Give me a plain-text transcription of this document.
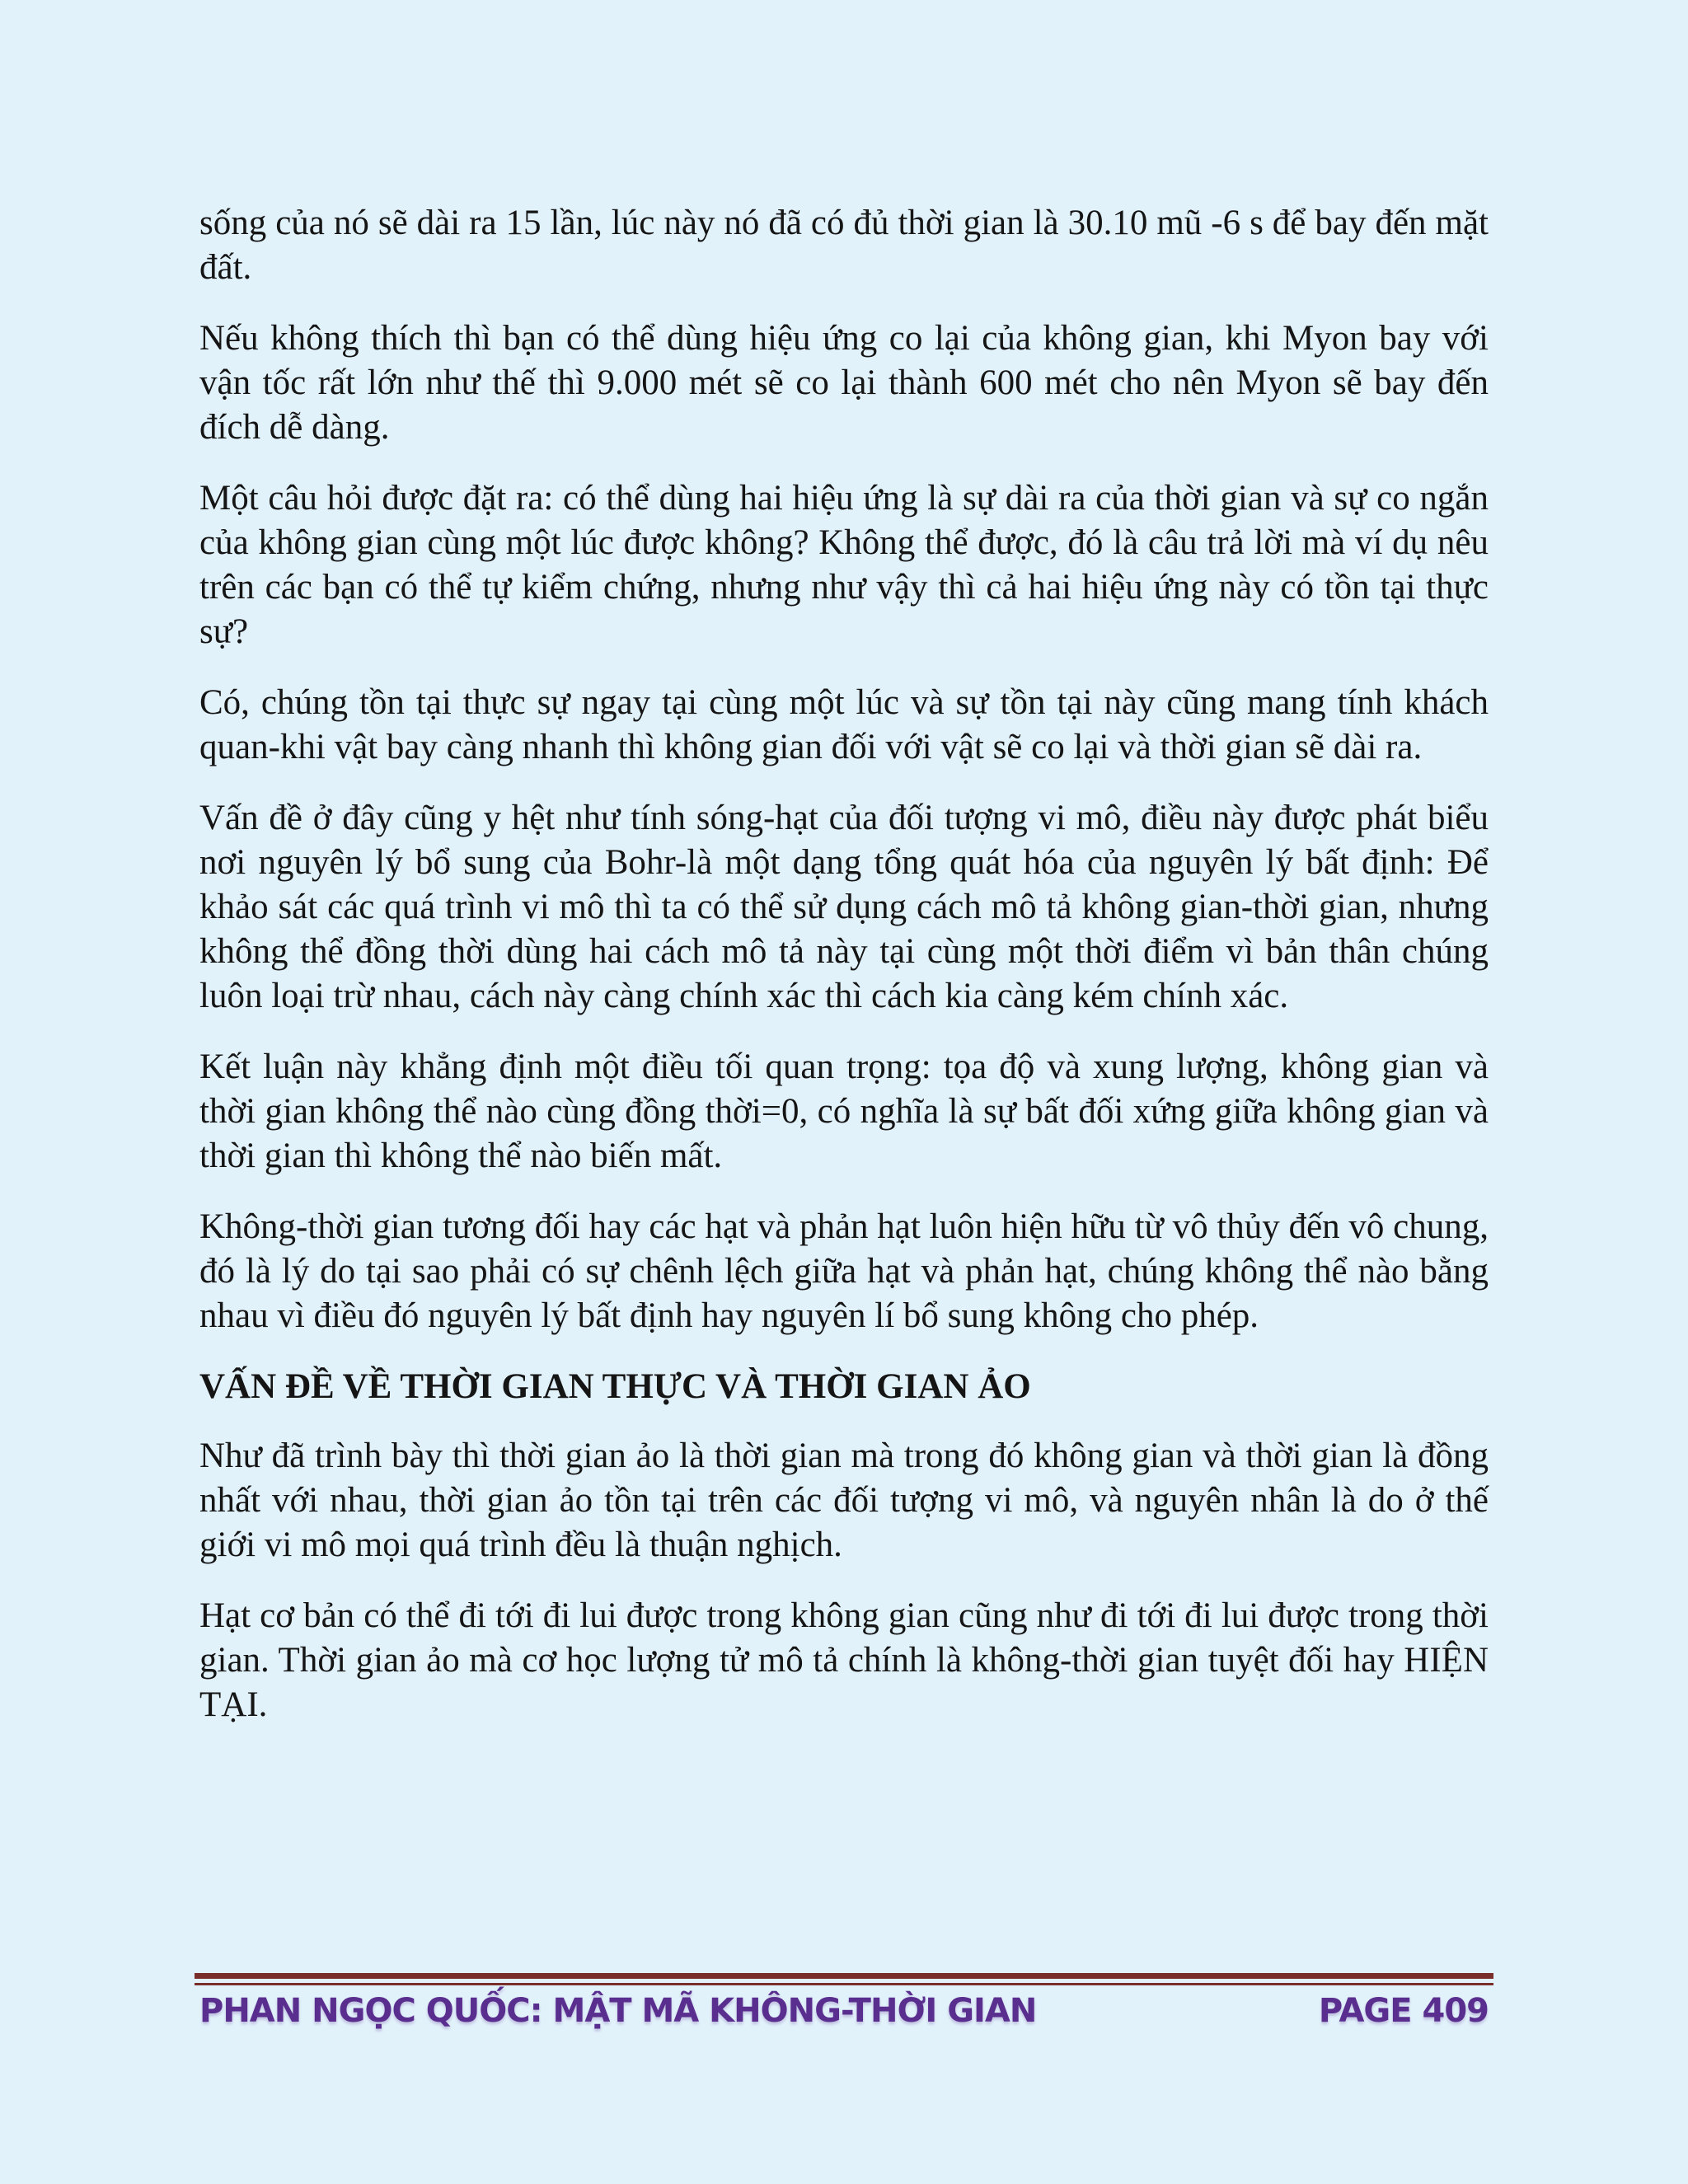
sống của nó sẽ dài ra 15 lần, lúc này nó đã có đủ thời gian là 30.10 mũ -6 s để bay đến mặt đất.

Nếu không thích thì bạn có thể dùng hiệu ứng co lại của không gian, khi Myon bay với vận tốc rất lớn như thế thì 9.000 mét sẽ co lại thành 600 mét cho nên Myon sẽ bay đến đích dễ dàng.

Một câu hỏi được đặt ra: có thể dùng hai hiệu ứng là sự dài ra của thời gian và sự co ngắn của không gian cùng một lúc được không? Không thể được, đó là câu trả lời mà ví dụ nêu trên các bạn có thể tự kiểm chứng, nhưng như vậy thì cả hai hiệu ứng này có tồn tại thực sự?

Có, chúng tồn tại thực sự ngay tại cùng một lúc và sự tồn tại này cũng mang tính khách quan-khi vật bay càng nhanh thì không gian đối với vật sẽ co lại và thời gian sẽ dài ra.

Vấn đề ở đây cũng y hệt như tính sóng-hạt của đối tượng vi mô, điều này được phát biểu nơi nguyên lý bổ sung của Bohr-là một dạng tổng quát hóa của nguyên lý bất định: Để khảo sát các quá trình vi mô thì ta có thể sử dụng cách mô tả không gian-thời gian, nhưng không thể đồng thời dùng hai cách mô tả này tại cùng một thời điểm vì bản thân chúng luôn loại trừ nhau, cách này càng chính xác thì cách kia càng kém chính xác.

Kết luận này khẳng định một điều tối quan trọng: tọa độ và xung lượng, không gian và thời gian không thể nào cùng đồng thời=0, có nghĩa là sự bất đối xứng giữa không gian và thời gian thì không thể nào biến mất.

Không-thời gian tương đối hay các hạt và phản hạt luôn hiện hữu từ vô thủy đến vô chung, đó là lý do tại sao phải có sự chênh lệch giữa hạt và phản hạt, chúng không thể nào bằng nhau vì điều đó nguyên lý bất định hay nguyên lí bổ sung không cho phép.

VẤN ĐỀ VỀ THỜI GIAN THỰC VÀ THỜI GIAN ẢO

Như đã trình bày thì thời gian ảo là thời gian mà trong đó không gian và thời gian là đồng nhất với nhau, thời gian ảo tồn tại trên các đối tượng vi mô, và nguyên nhân là do ở thế giới vi mô mọi quá trình đều là thuận nghịch.

Hạt cơ bản có thể đi tới đi lui được trong không gian cũng như đi tới đi lui được trong thời gian. Thời gian ảo mà cơ học lượng tử mô tả chính là không-thời gian tuyệt đối hay HIỆN TẠI.

PHAN NGỌC QUỐC: MẬT MÃ KHÔNG-THỜI GIAN	PAGE 409
